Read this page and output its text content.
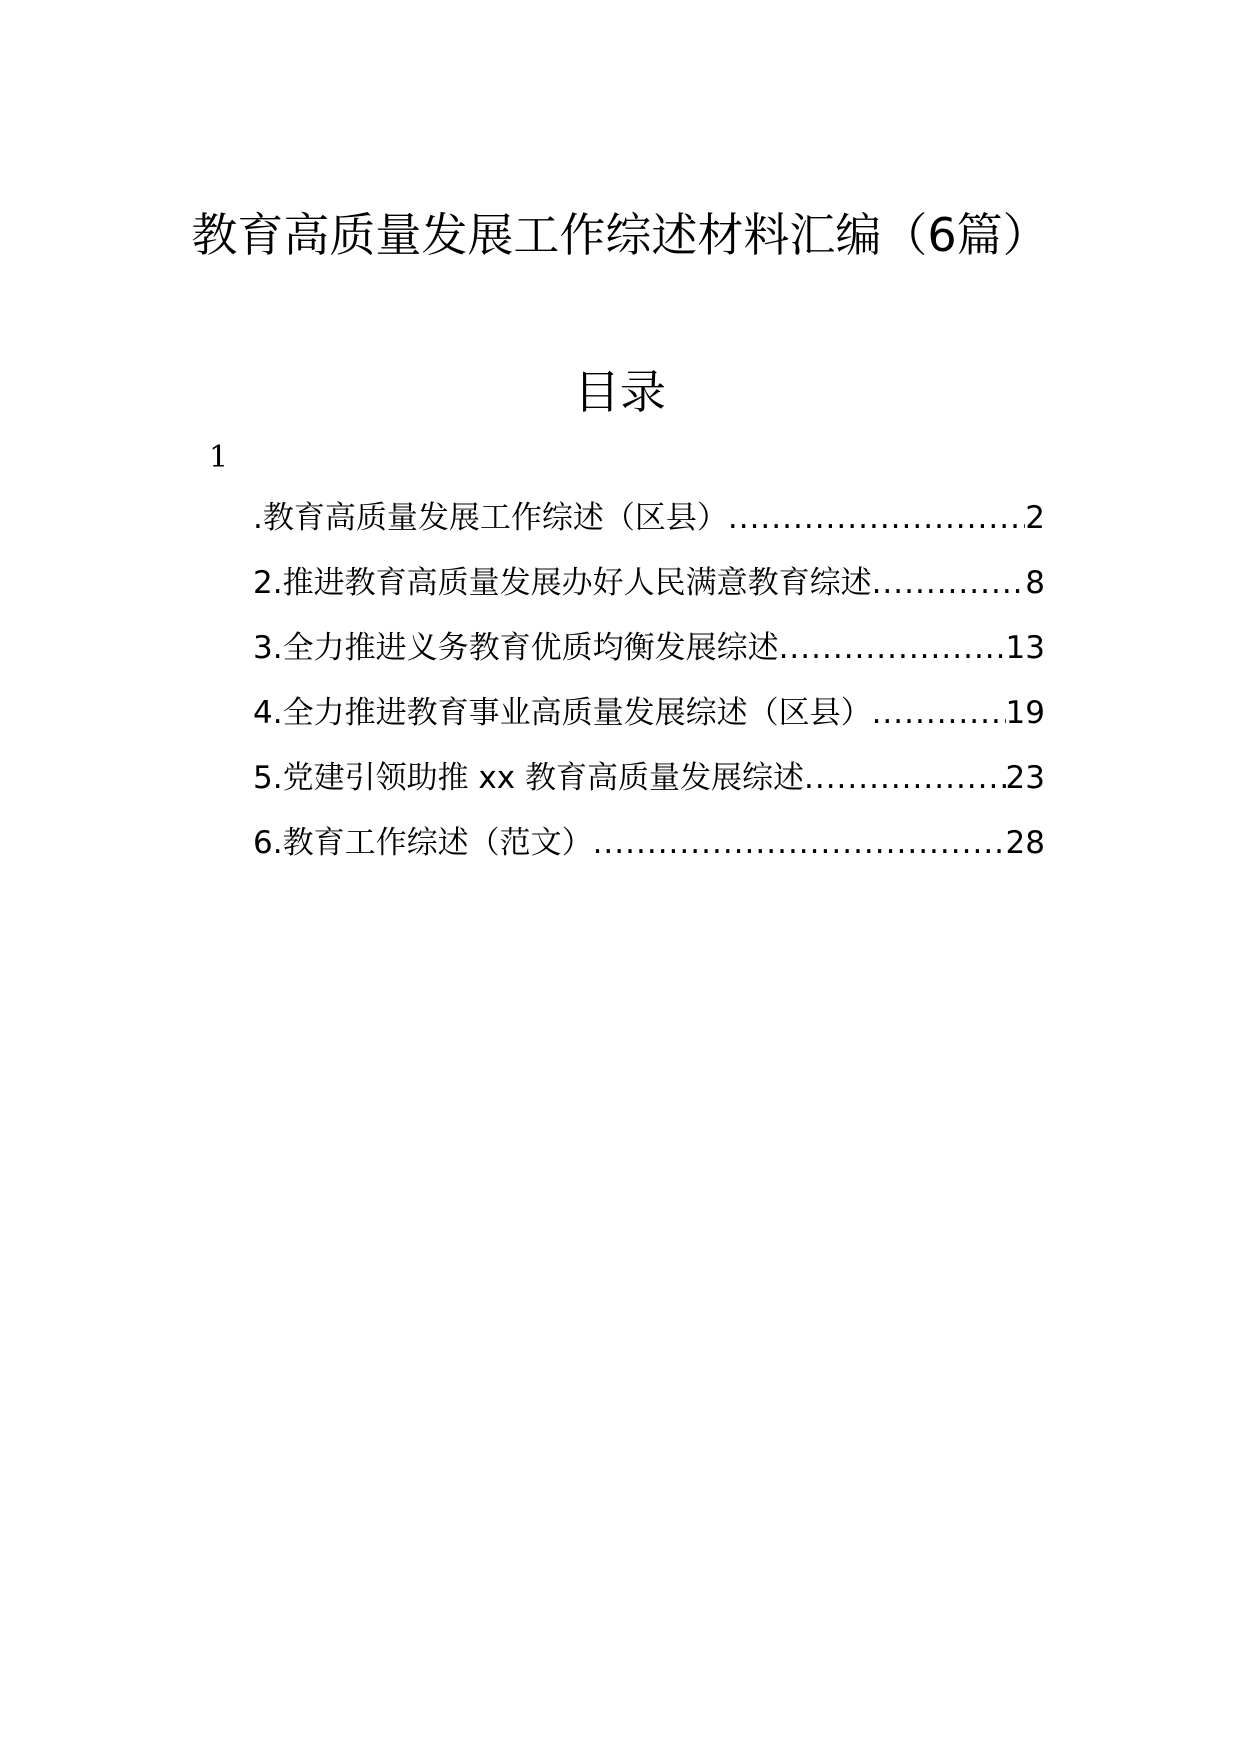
教育高质量发展工作综述材料汇编（6篇）
目录
1
.教育高质量发展工作综述（区县） .....	2
2.推进教育高质量发展办好人民满意教育综述 .....	8
3.全力推进义务教育优质均衡发展综述 .....	13
4.全力推进教育事业高质量发展综述（区县） .....	19
5.党建引领助推 xx 教育高质量发展综述 .....	23
6.教育工作综述（范文） .....	28
